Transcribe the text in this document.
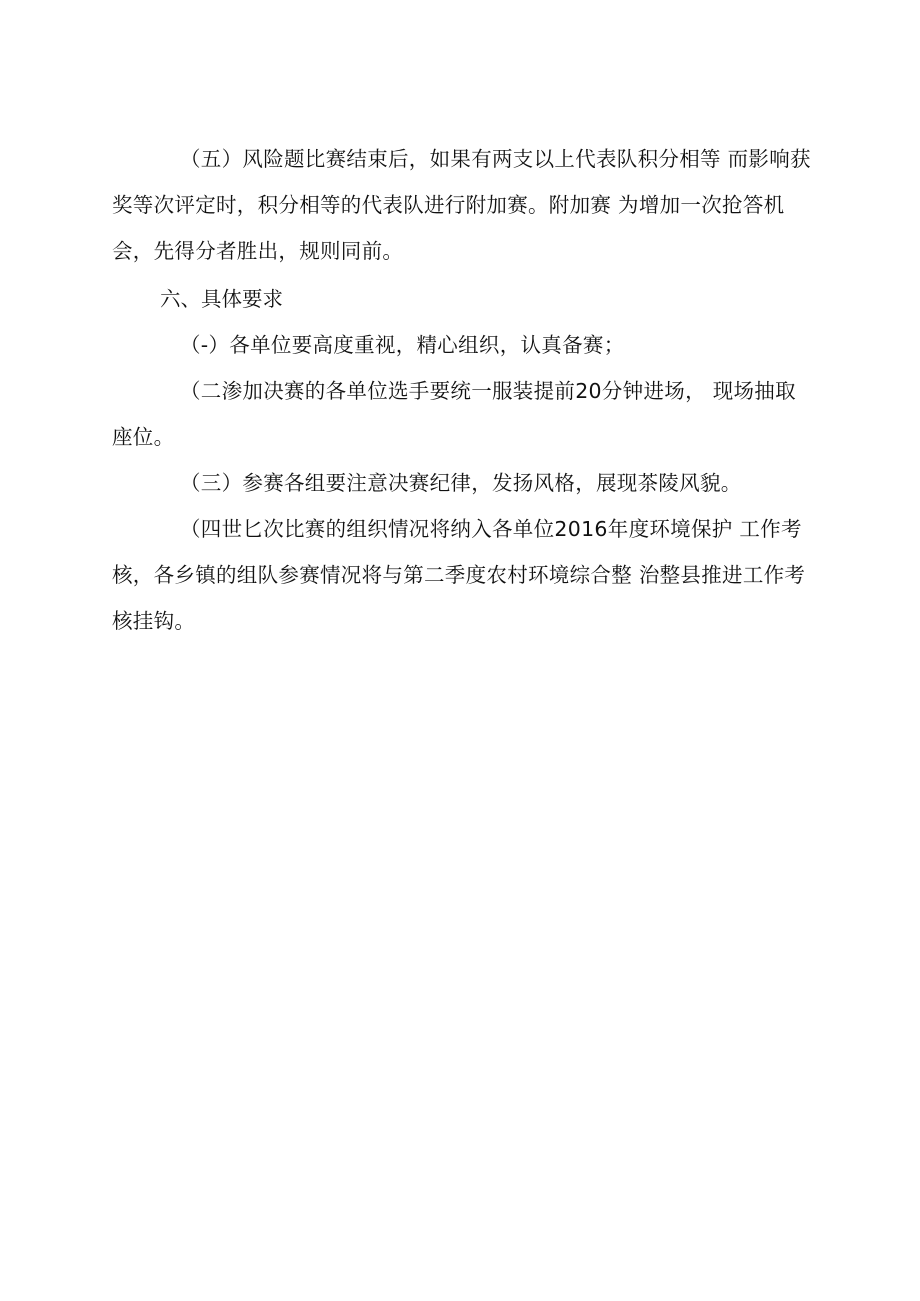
（五）风险题比赛结束后，如果有两支以上代表队积分相等 而影响获奖等次评定时，积分相等的代表队进行附加赛。附加赛 为增加一次抢答机会，先得分者胜出，规则同前。

六、具体要求

（-）各单位要高度重视，精心组织，认真备赛；

（二渗加决赛的各单位选手要统一服装提前20分钟进场， 现场抽取座位。

（三）参赛各组要注意决赛纪律，发扬风格，展现茶陵风貌。

（四世匕次比赛的组织情况将纳入各单位2016年度环境保护 工作考核，各乡镇的组队参赛情况将与第二季度农村环境综合整 治整县推进工作考核挂钩。
